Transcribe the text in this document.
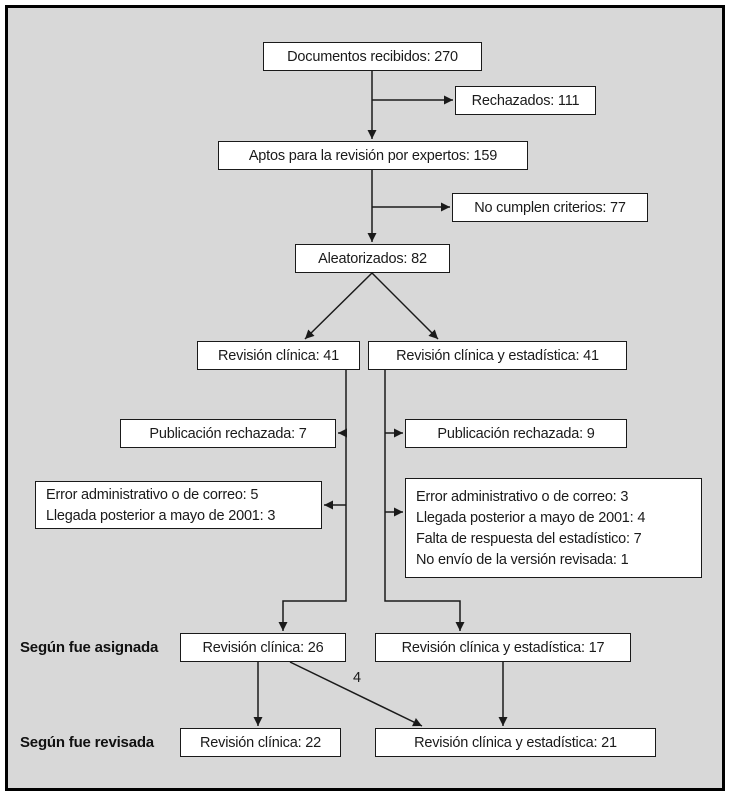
Documentos recibidos: 270
Rechazados: 111
Aptos para la revisión por expertos: 159
No cumplen criterios: 77
Aleatorizados: 82
Revisión clínica: 41	Revisión clínica y estadística: 41
Publicación rechazada: 7
Error administrativo o de correo: 5
Llegada posterior a mayo de 2001: 3
Publicación rechazada: 9
Error administrativo o de correo: 3
Llegada posterior a mayo de 2001: 4
Falta de respuesta del estadístico: 7
No envío de la versión revisada: 1
Según fue asignada	Revisión clínica: 26	Revisión clínica y estadística: 17
4
Según fue revisada	Revisión clínica: 22	Revisión clínica y estadística: 21
